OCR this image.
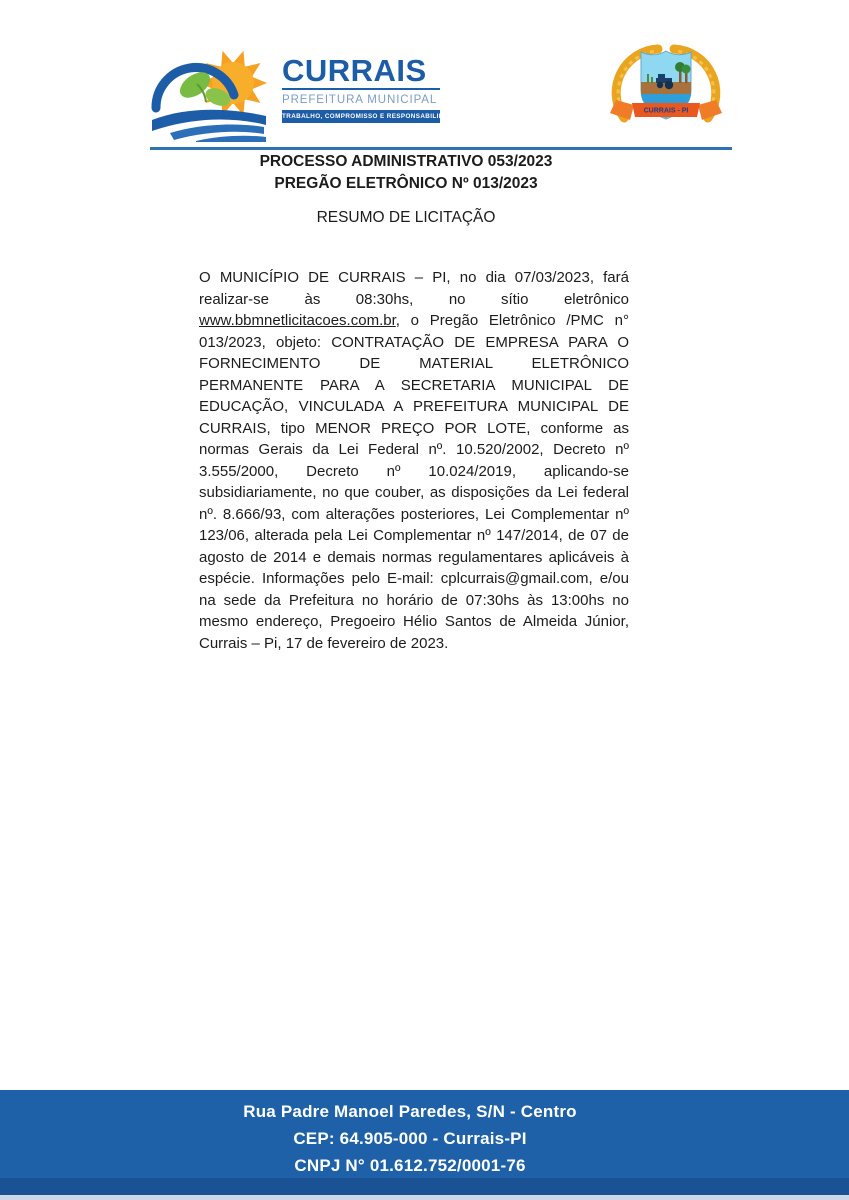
CURRAIS
PREFEITURA MUNICIPAL
TRABALHO, COMPROMISSO E RESPONSABILIDADE
CURRAIS - PI
PROCESSO ADMINISTRATIVO 053/2023
PREGÃO ELETRÔNICO Nº 013/2023
RESUMO DE LICITAÇÃO

O MUNICÍPIO DE CURRAIS – PI, no dia 07/03/2023, fará realizar-se às 08:30hs, no sítio eletrônico www.bbmnetlicitacoes.com.br, o Pregão Eletrônico /PMC n° 013/2023, objeto: CONTRATAÇÃO DE EMPRESA PARA O FORNECIMENTO DE MATERIAL ELETRÔNICO PERMANENTE PARA A SECRETARIA MUNICIPAL DE EDUCAÇÃO, VINCULADA A PREFEITURA MUNICIPAL DE CURRAIS, tipo MENOR PREÇO POR LOTE, conforme as normas Gerais da Lei Federal nº. 10.520/2002, Decreto nº 3.555/2000, Decreto nº 10.024/2019, aplicando-se subsidiariamente, no que couber, as disposições da Lei federal nº. 8.666/93, com alterações posteriores, Lei Complementar nº 123/06, alterada pela Lei Complementar nº 147/2014, de 07 de agosto de 2014 e demais normas regulamentares aplicáveis à espécie. Informações pelo E-mail: cplcurrais@gmail.com, e/ou na sede da Prefeitura no horário de 07:30hs às 13:00hs no mesmo endereço, Pregoeiro Hélio Santos de Almeida Júnior, Currais – Pi, 17 de fevereiro de 2023.

Rua Padre Manoel Paredes, S/N - Centro
CEP: 64.905-000 - Currais-PI
CNPJ N° 01.612.752/0001-76
